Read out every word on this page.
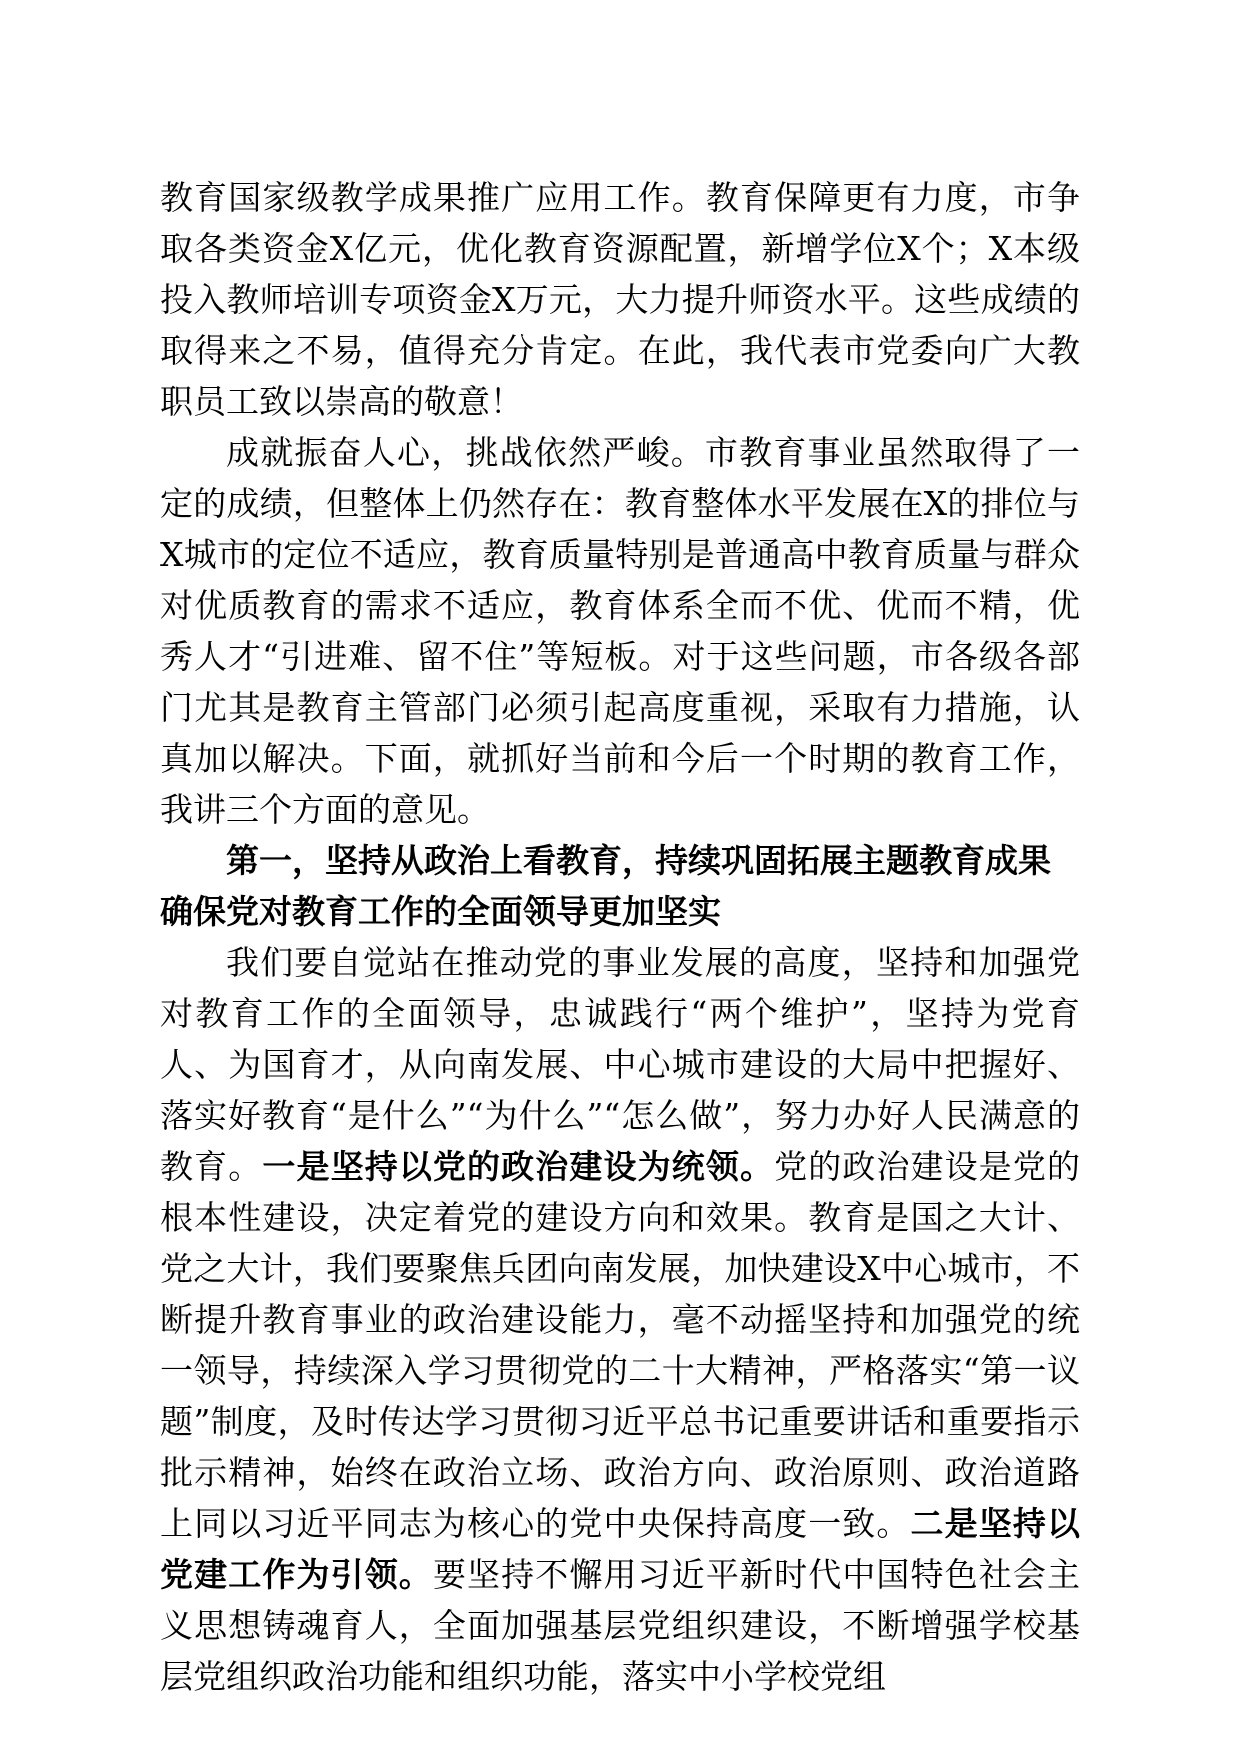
教育国家级教学成果推广应用工作。教育保障更有力度，市争取各类资金X亿元，优化教育资源配置，新增学位X个；X本级投入教师培训专项资金X万元，大力提升师资水平。这些成绩的取得来之不易，值得充分肯定。在此，我代表市党委向广大教职员工致以崇高的敬意！

成就振奋人心，挑战依然严峻。市教育事业虽然取得了一定的成绩，但整体上仍然存在：教育整体水平发展在X的排位与X城市的定位不适应，教育质量特别是普通高中教育质量与群众对优质教育的需求不适应，教育体系全而不优、优而不精，优秀人才“引进难、留不住”等短板。对于这些问题，市各级各部门尤其是教育主管部门必须引起高度重视，采取有力措施，认真加以解决。下面，就抓好当前和今后一个时期的教育工作，我讲三个方面的意见。

第一，坚持从政治上看教育，持续巩固拓展主题教育成果确保党对教育工作的全面领导更加坚实

我们要自觉站在推动党的事业发展的高度，坚持和加强党对教育工作的全面领导，忠诚践行“两个维护”，坚持为党育人、为国育才，从向南发展、中心城市建设的大局中把握好、落实好教育“是什么”“为什么”“怎么做”，努力办好人民满意的教育。一是坚持以党的政治建设为统领。党的政治建设是党的根本性建设，决定着党的建设方向和效果。教育是国之大计、党之大计，我们要聚焦兵团向南发展，加快建设X中心城市，不断提升教育事业的政治建设能力，毫不动摇坚持和加强党的统一领导，持续深入学习贯彻党的二十大精神，严格落实“第一议题”制度，及时传达学习贯彻习近平总书记重要讲话和重要指示批示精神，始终在政治立场、政治方向、政治原则、政治道路上同以习近平同志为核心的党中央保持高度一致。二是坚持以党建工作为引领。要坚持不懈用习近平新时代中国特色社会主义思想铸魂育人，全面加强基层党组织建设，不断增强学校基层党组织政治功能和组织功能，落实中小学校党组
